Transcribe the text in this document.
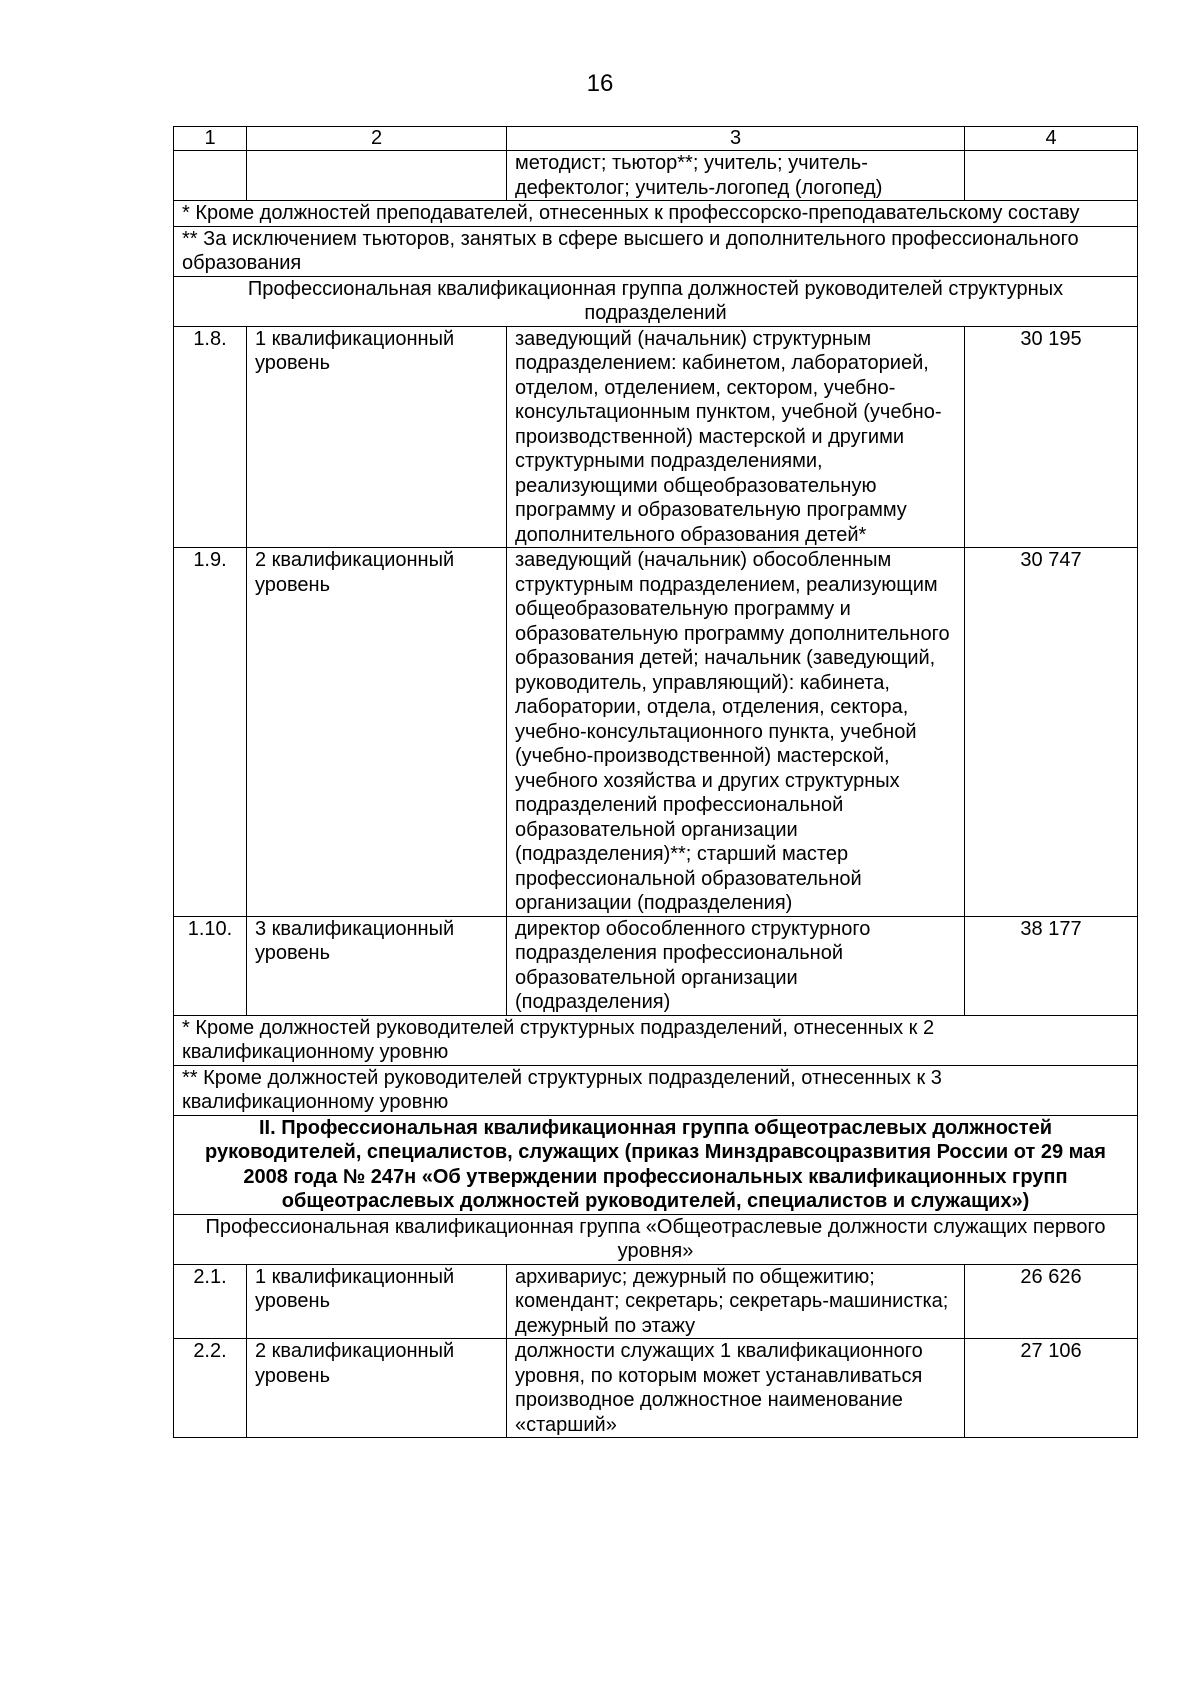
16
1	2	3	4
		методист; тьютор**; учитель; учитель-дефектолог; учитель-логопед (логопед)	
* Кроме должностей преподавателей, отнесенных к профессорско-преподавательскому составу			
** За исключением тьюторов, занятых в сфере высшего и дополнительного профессионального образования			
Профессиональная квалификационная группа должностей руководителей структурных подразделений			
1.8.	1 квалификационный уровень	заведующий (начальник) структурным подразделением: кабинетом, лабораторией, отделом, отделением, сектором, учебно-консультационным пунктом, учебной (учебно-производственной) мастерской и другими структурными подразделениями, реализующими общеобразовательную программу и образовательную программу дополнительного образования детей*	30 195
1.9.	2 квалификационный уровень	заведующий (начальник) обособленным структурным подразделением, реализующим общеобразовательную программу и образовательную программу дополнительного образования детей; начальник (заведующий, руководитель, управляющий): кабинета, лаборатории, отдела, отделения, сектора, учебно-консультационного пункта, учебной (учебно-производственной) мастерской, учебного хозяйства и других структурных подразделений профессиональной образовательной организации (подразделения)**; старший мастер профессиональной образовательной организации (подразделения)	30 747
1.10.	3 квалификационный уровень	директор обособленного структурного подразделения профессиональной образовательной организации (подразделения)	38 177
* Кроме должностей руководителей структурных подразделений, отнесенных к 2 квалификационному уровню			
** Кроме должностей руководителей структурных подразделений, отнесенных к 3 квалификационному уровню			
II. Профессиональная квалификационная группа общеотраслевых должностей руководителей, специалистов, служащих (приказ Минздравсоцразвития России от 29 мая 2008 года № 247н «Об утверждении профессиональных квалификационных групп общеотраслевых должностей руководителей, специалистов и служащих»)			
Профессиональная квалификационная группа «Общеотраслевые должности служащих первого уровня»			
2.1.	1 квалификационный уровень	архивариус; дежурный по общежитию; комендант; секретарь; секретарь-машинистка; дежурный по этажу	26 626
2.2.	2 квалификационный уровень	должности служащих 1 квалификационного уровня, по которым может устанавливаться производное должностное наименование «старший»	27 106
